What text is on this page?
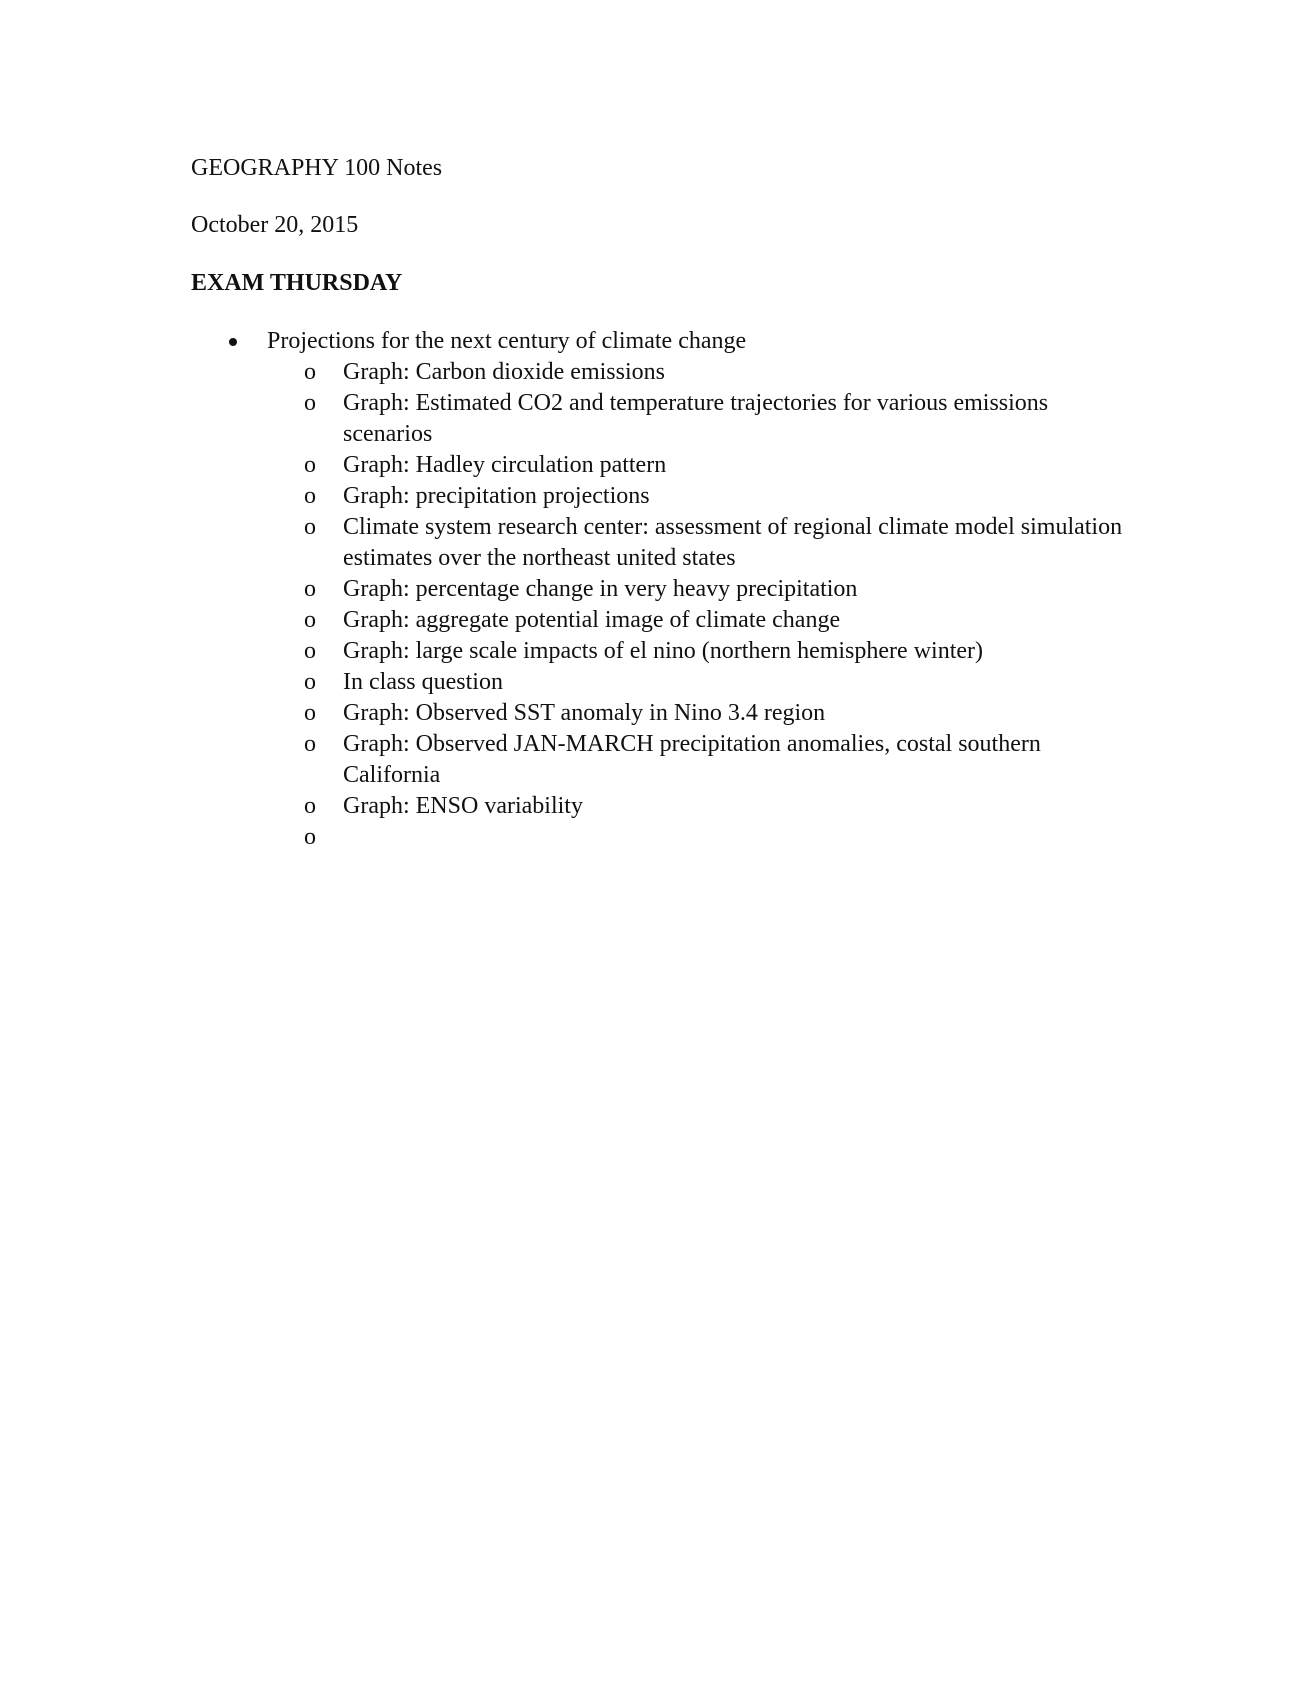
GEOGRAPHY 100 Notes
October 20, 2015
EXAM THURSDAY
Projections for the next century of climate change
o Graph: Carbon dioxide emissions
o Graph: Estimated CO2 and temperature trajectories for various emissions scenarios
o Graph: Hadley circulation pattern
o Graph: precipitation projections
o Climate system research center: assessment of regional climate model simulation estimates over the northeast united states
o Graph: percentage change in very heavy precipitation
o Graph: aggregate potential image of climate change
o Graph: large scale impacts of el nino (northern hemisphere winter)
o In class question
o Graph: Observed SST anomaly in Nino 3.4 region
o Graph: Observed JAN-MARCH precipitation anomalies, costal southern California
o Graph: ENSO variability
o
